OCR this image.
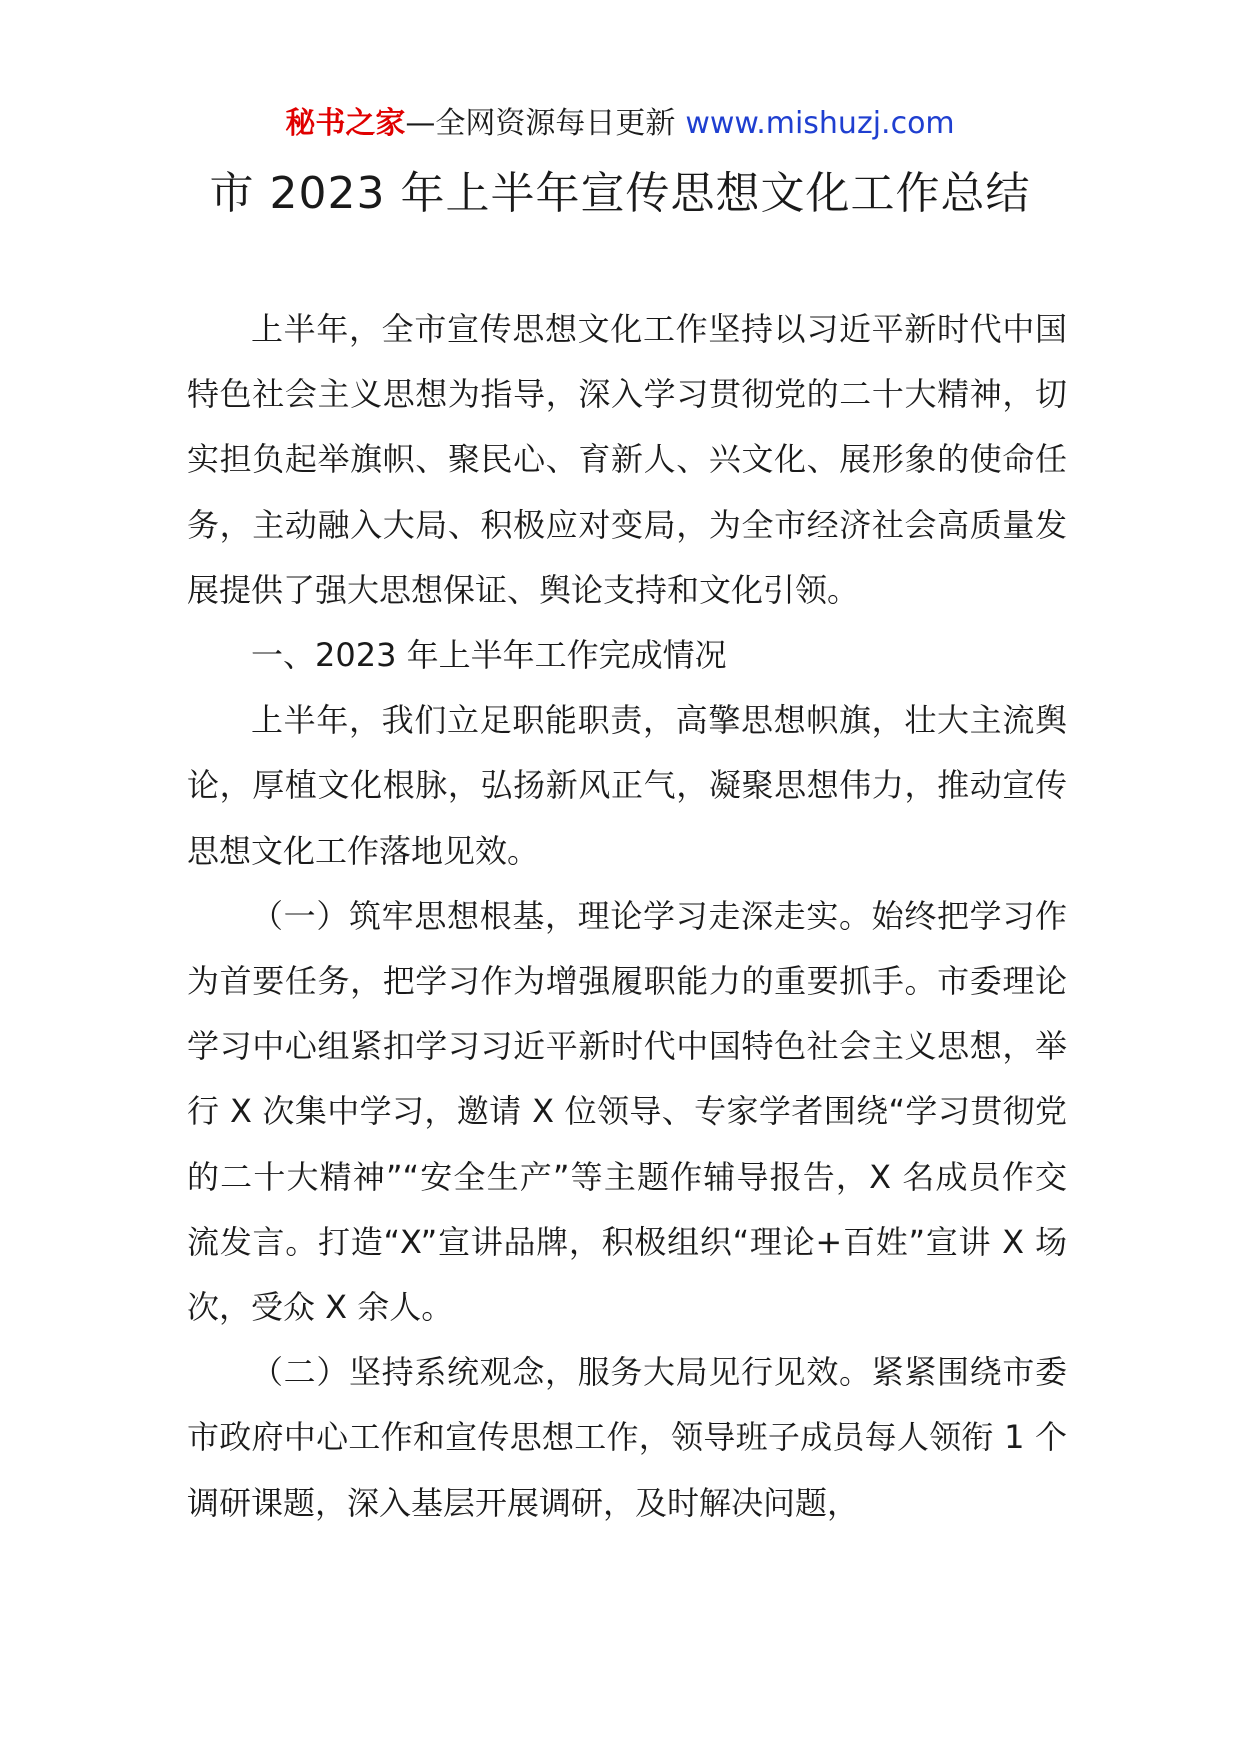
秘书之家—全网资源每日更新 www.mishuzj.com
市 2023 年上半年宣传思想文化工作总结

上半年，全市宣传思想文化工作坚持以习近平新时代中国特色社会主义思想为指导，深入学习贯彻党的二十大精神，切实担负起举旗帜、聚民心、育新人、兴文化、展形象的使命任务，主动融入大局、积极应对变局，为全市经济社会高质量发展提供了强大思想保证、舆论支持和文化引领。

一、2023 年上半年工作完成情况

上半年，我们立足职能职责，高擎思想帜旗，壮大主流舆论，厚植文化根脉，弘扬新风正气，凝聚思想伟力，推动宣传思想文化工作落地见效。

（一）筑牢思想根基，理论学习走深走实。始终把学习作为首要任务，把学习作为增强履职能力的重要抓手。市委理论学习中心组紧扣学习习近平新时代中国特色社会主义思想，举行 X 次集中学习，邀请 X 位领导、专家学者围绕“学习贯彻党的二十大精神”“安全生产”等主题作辅导报告，X 名成员作交流发言。打造“X”宣讲品牌，积极组织“理论+百姓”宣讲 X 场次，受众 X 余人。

（二）坚持系统观念，服务大局见行见效。紧紧围绕市委市政府中心工作和宣传思想工作，领导班子成员每人领衔 1 个调研课题，深入基层开展调研，及时解决问题，
